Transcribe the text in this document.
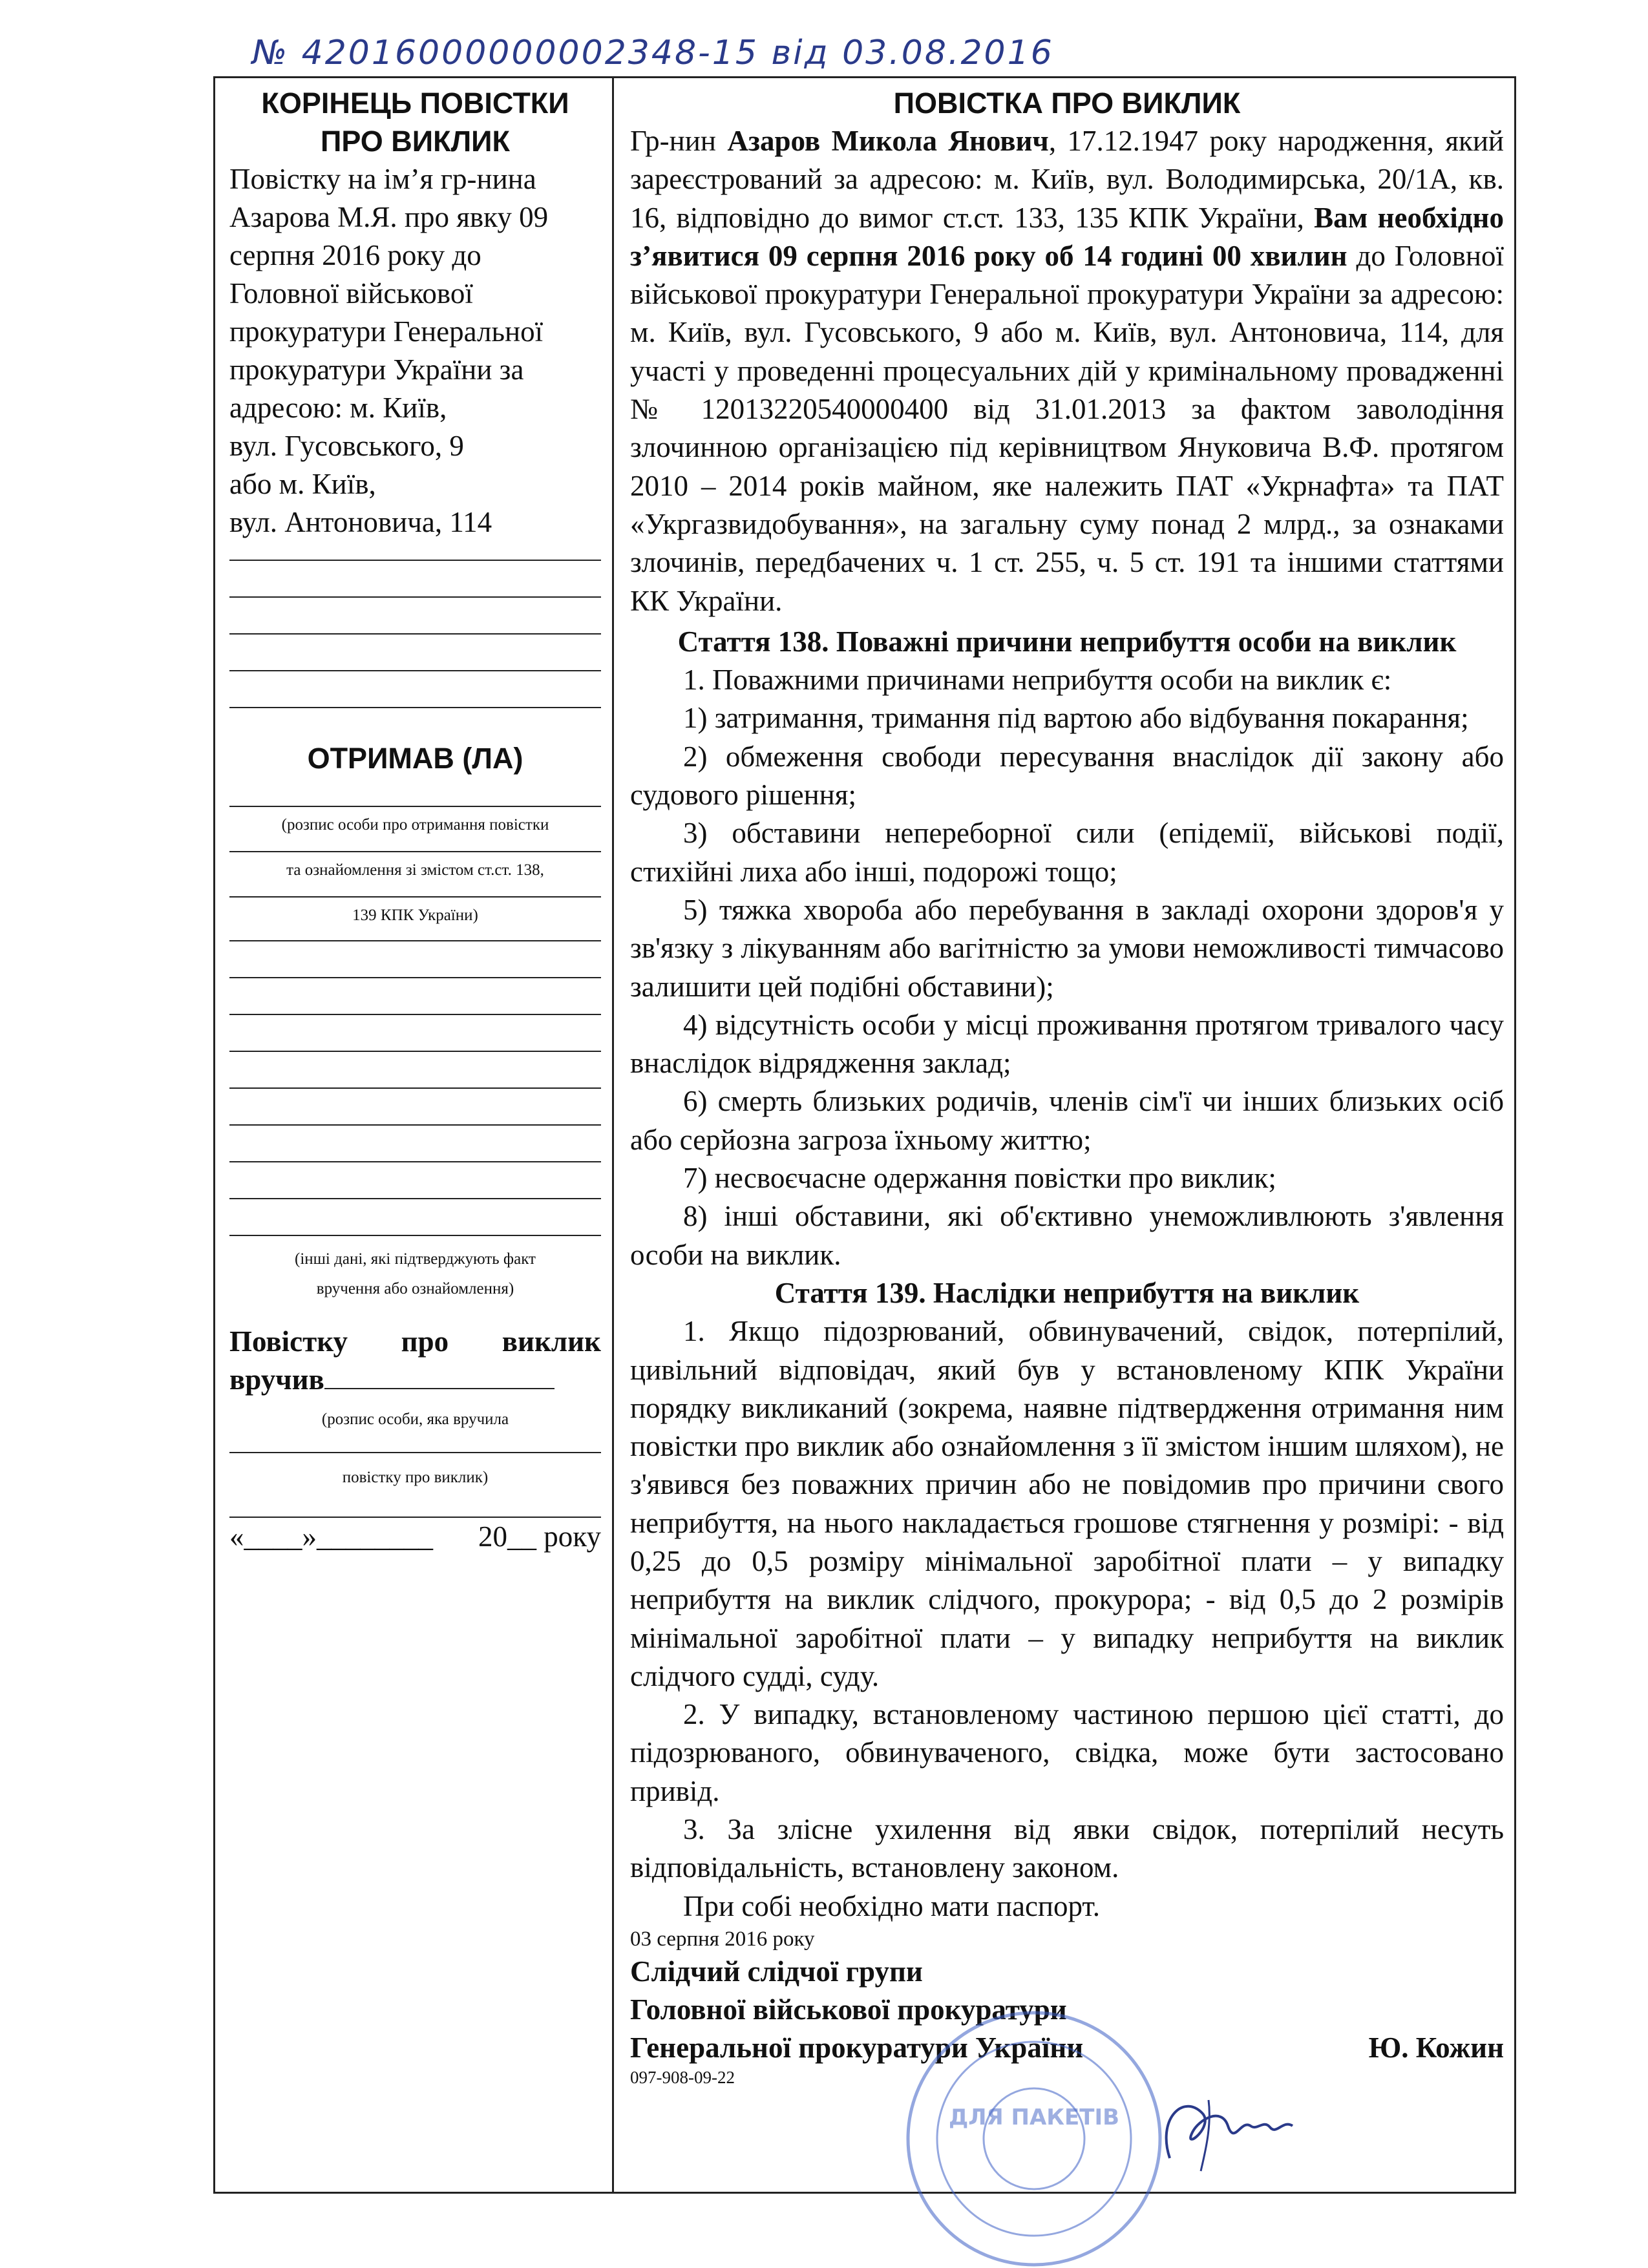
№ 42016000000002348-15 від 03.08.2016
КОРІНЕЦЬ ПОВІСТКИ ПРО ВИКЛИК

Повістку на ім’я гр-нина

Азарова М.Я. про явку 09

серпня 2016 року до

Головної військової

прокуратури Генеральної

прокуратури України за

адресою: м. Київ,

вул. Гусовського, 9

або м. Київ,

вул. Антоновича, 114

ОТРИМАВ (ЛА)
(розпис особи про отримання повістки
та ознайомлення зі змістом ст.ст. 138,
139 КПК України)
(інші дані, які підтверджують факт
вручення або ознайомлення)
Повістку про виклик
вручив
(розпис особи, яка вручила
повістку про виклик)
«____»________ 20__ року
ПОВІСТКА ПРО ВИКЛИК

Гр-нин Азаров Микола Янович, 17.12.1947 року народження, який зареєстрований за адресою: м. Київ, вул. Володимирська, 20/1А, кв. 16, відповідно до вимог ст.ст. 133, 135 КПК України, Вам необхідно з’явитися 09 серпня 2016 року об 14 годині 00 хвилин до Головної військової прокуратури Генеральної прокуратури України за адресою: м. Київ, вул. Гусовського, 9 або м. Київ, вул. Антоновича, 114, для участі у проведенні процесуальних дій у кримінальному провадженні № 12013220540000400 від 31.01.2013 за фактом заволодіння злочинною організацією під керівництвом Януковича В.Ф. протягом 2010 – 2014 років майном, яке належить ПАТ «Укрнафта» та ПАТ «Укргазвидобування», на загальну суму понад 2 млрд., за ознаками злочинів, передбачених ч. 1 ст. 255, ч. 5 ст. 191 та іншими статтями КК України.

Стаття 138. Поважні причини неприбуття особи на виклик

1. Поважними причинами неприбуття особи на виклик є:

1) затримання, тримання під вартою або відбування покарання;

2) обмеження свободи пересування внаслідок дії закону або судового рішення;

3) обставини непереборної сили (епідемії, військові події, стихійні лиха або інші, подорожі тощо;

5) тяжка хвороба або перебування в закладі охорони здоров'я у зв'язку з лікуванням або вагітністю за умови неможливості тимчасово залишити цей подібні обставини);

4) відсутність особи у місці проживання протягом тривалого часу внаслідок відрядження заклад;

6) смерть близьких родичів, членів сім'ї чи інших близьких осіб або серйозна загроза їхньому життю;

7) несвоєчасне одержання повістки про виклик;

8) інші обставини, які об'єктивно унеможливлюють з'явлення особи на виклик.

Стаття 139. Наслідки неприбуття на виклик

1. Якщо підозрюваний, обвинувачений, свідок, потерпілий, цивільний відповідач, який був у встановленому КПК України порядку викликаний (зокрема, наявне підтвердження отримання ним повістки про виклик або ознайомлення з її змістом іншим шляхом), не з'явився без поважних причин або не повідомив про причини свого неприбуття, на нього накладається грошове стягнення у розмірі: - від 0,25 до 0,5 розміру мінімальної заробітної плати – у випадку неприбуття на виклик слідчого, прокурора; - від 0,5 до 2 розмірів мінімальної заробітної плати – у випадку неприбуття на виклик слідчого судді, суду.

2. У випадку, встановленому частиною першою цієї статті, до підозрюваного, обвинуваченого, свідка, може бути застосовано привід.

3. За злісне ухилення від явки свідок, потерпілий несуть відповідальність, встановлену законом.

При собі необхідно мати паспорт.

03 серпня 2016 року

Слідчий слідчої групи

Головної військової прокуратури

Генеральної прокуратури України	Ю. Кожин

097-908-09-22

ДЛЯ ПАКЕТІВ
